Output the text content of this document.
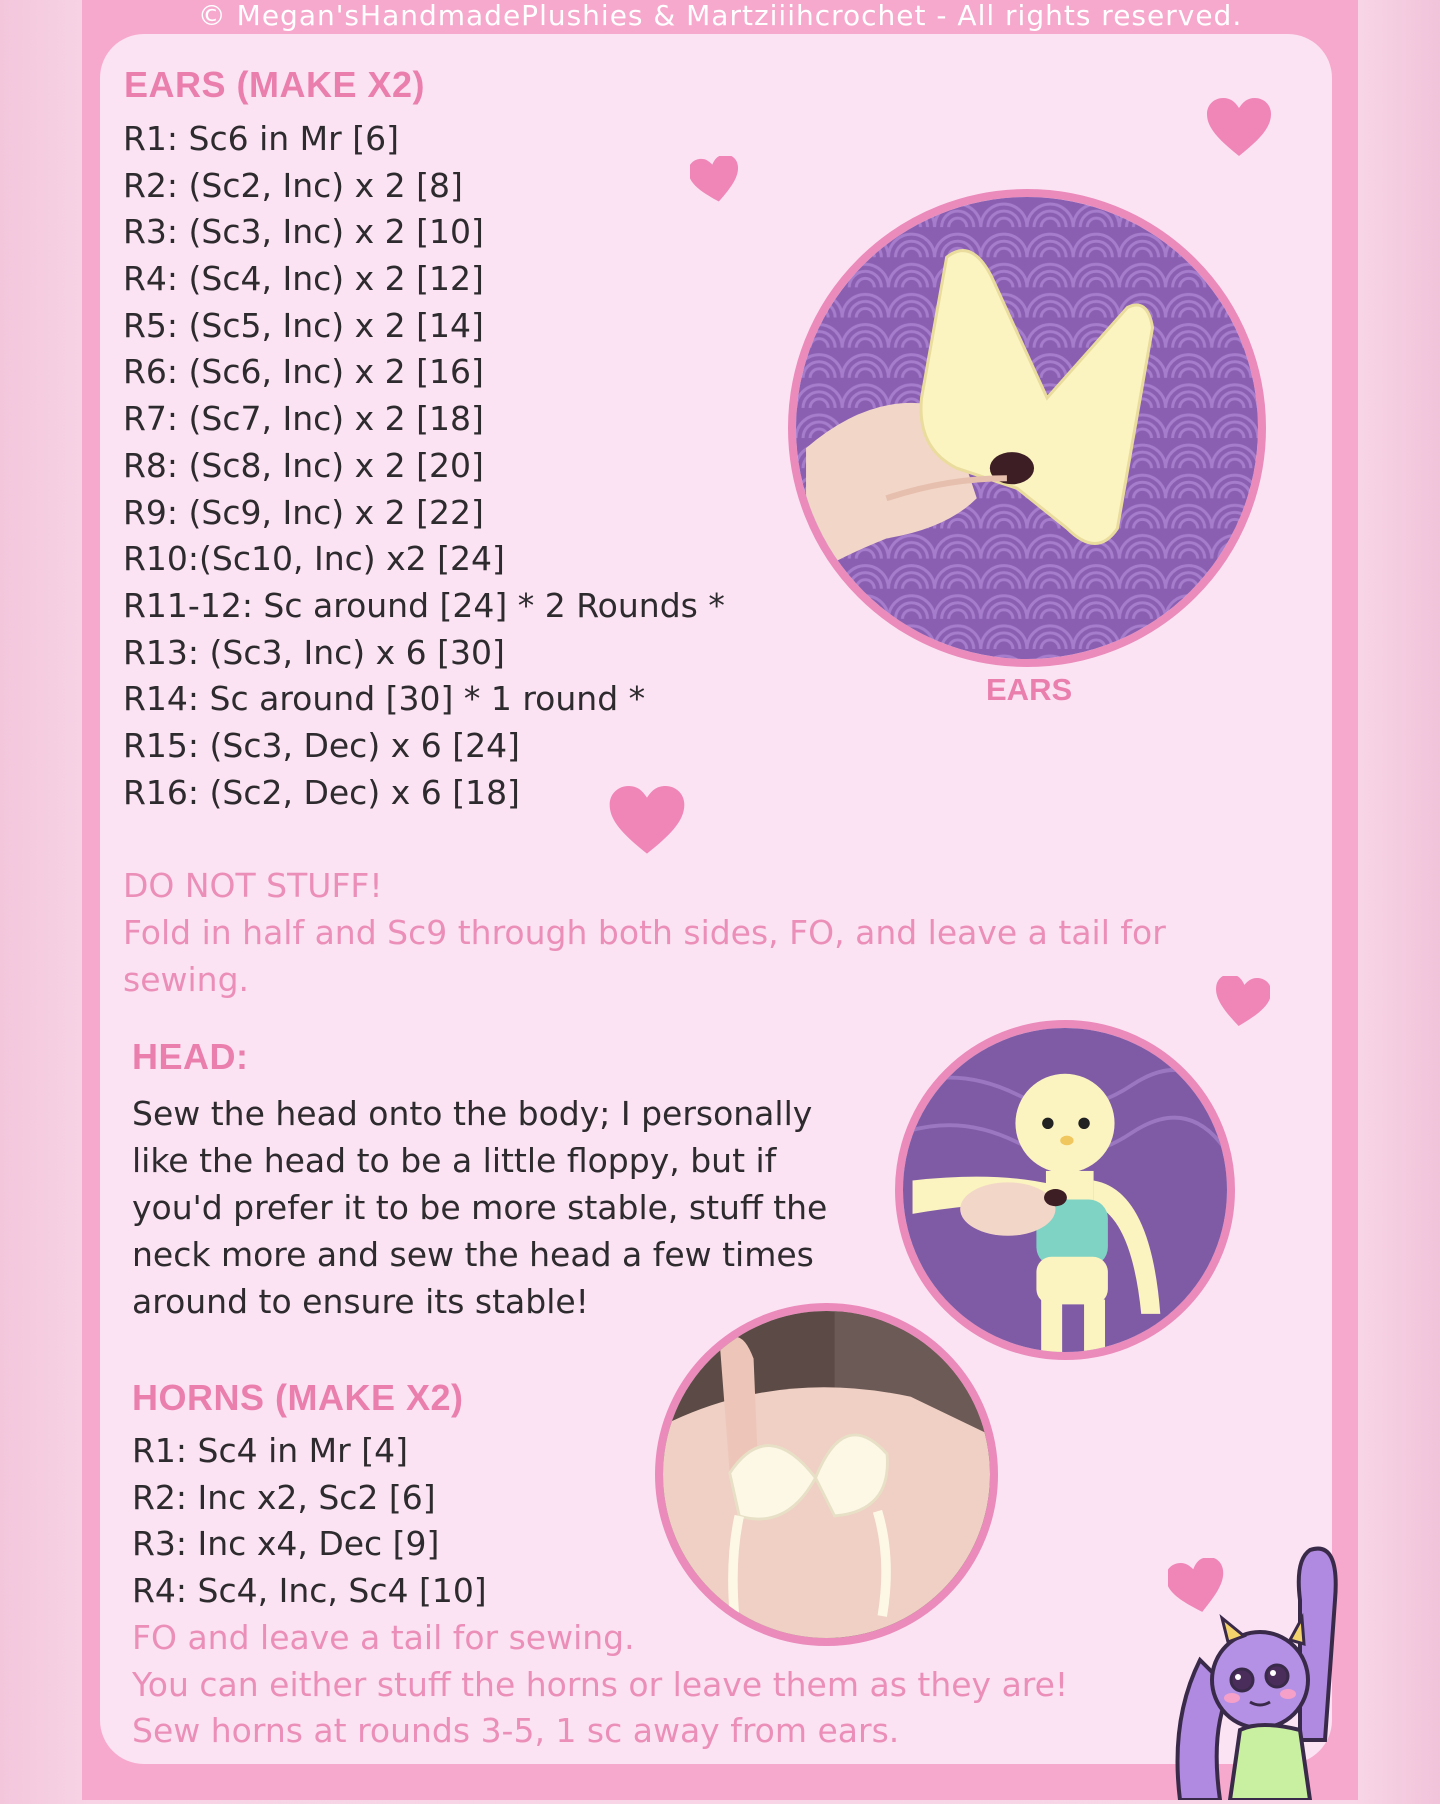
© Megan'sHandmadePlushies & Martziiihcrochet - All rights reserved.
EARS (MAKE X2)
R1: Sc6 in Mr [6]
R2: (Sc2, Inc) x 2 [8]
R3: (Sc3, Inc) x 2 [10]
R4: (Sc4, Inc) x 2 [12]
R5: (Sc5, Inc) x 2 [14]
R6: (Sc6, Inc) x 2 [16]
R7: (Sc7, Inc) x 2 [18]
R8: (Sc8, Inc) x 2 [20]
R9: (Sc9, Inc) x 2 [22]
R10:(Sc10, Inc) x2 [24]
R11-12: Sc around [24] * 2 Rounds *
R13: (Sc3, Inc) x 6 [30]
R14: Sc around [30] * 1 round *
R15: (Sc3, Dec) x 6 [24]
R16: (Sc2, Dec) x 6 [18]
DO NOT STUFF!
Fold in half and Sc9 through both sides, FO, and leave a tail for sewing.
EARS
HEAD:
Sew the head onto the body; I personally like the head to be a little floppy, but if you'd prefer it to be more stable, stuff the neck more and sew the head a few times around to ensure its stable!
HORNS (MAKE X2)
R1: Sc4 in Mr [4]
R2: Inc x2, Sc2 [6]
R3: Inc x4, Dec [9]
R4: Sc4, Inc, Sc4 [10]
FO and leave a tail for sewing.
You can either stuff the horns or leave them as they are!
Sew horns at rounds 3-5, 1 sc away from ears.
